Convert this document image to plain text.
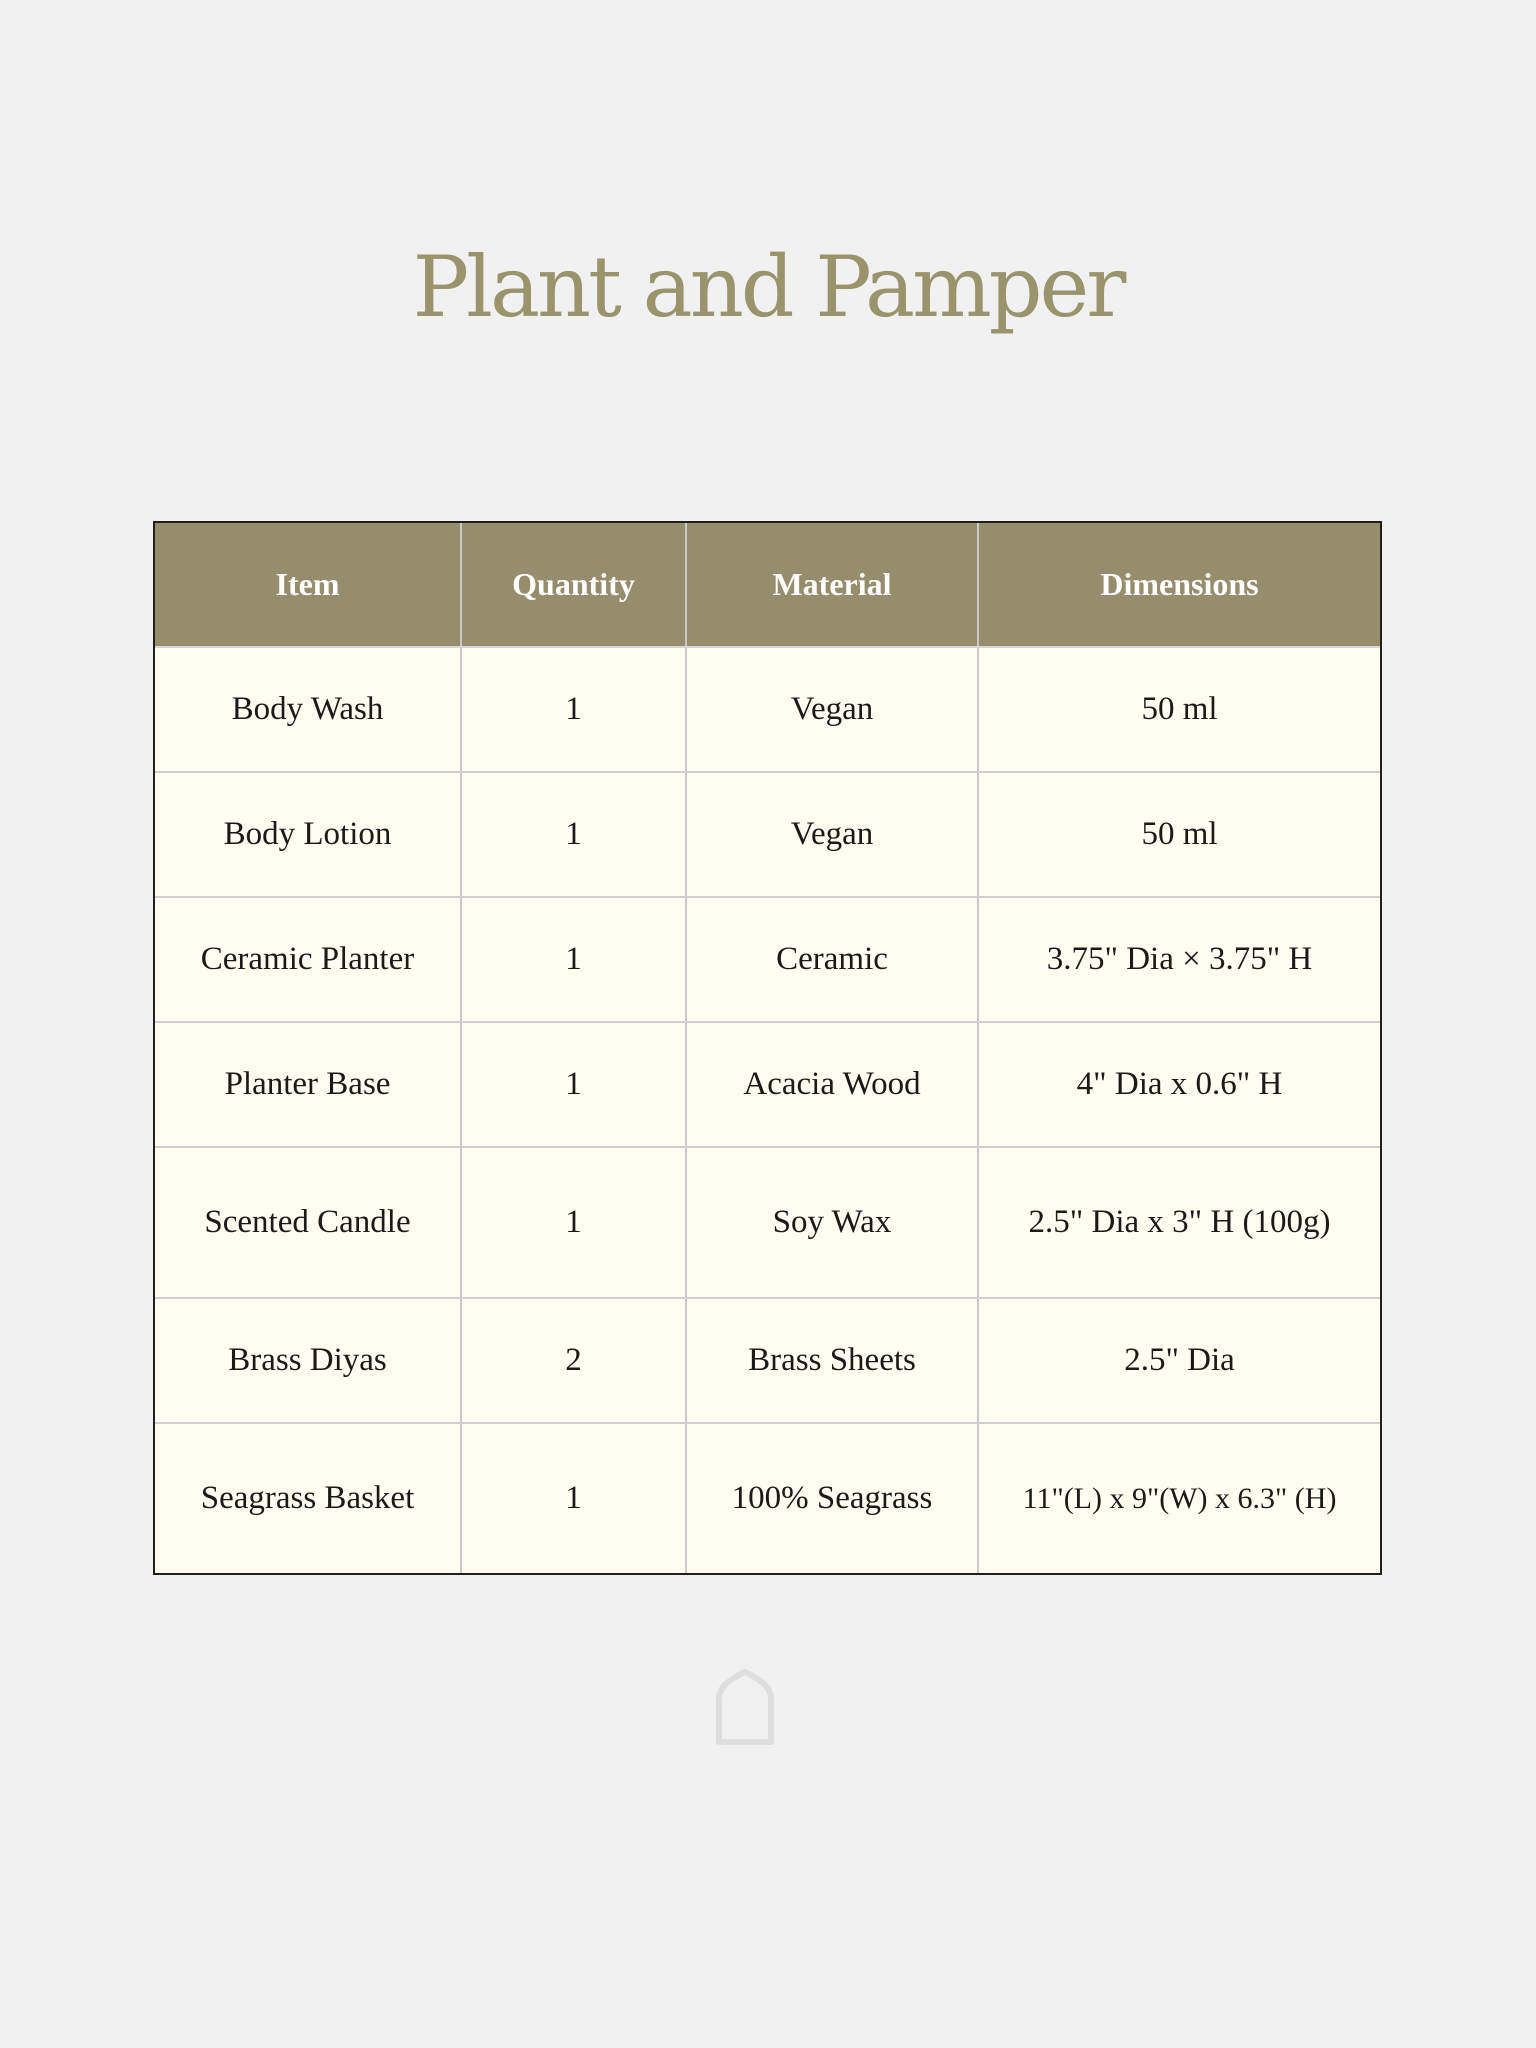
Plant and Pamper
Item	Quantity	Material	Dimensions
Body Wash	1	Vegan	50 ml
Body Lotion	1	Vegan	50 ml
Ceramic Planter	1	Ceramic	3.75" Dia × 3.75" H
Planter Base	1	Acacia Wood	4" Dia x 0.6" H
Scented Candle	1	Soy Wax	2.5" Dia x 3" H (100g)
Brass Diyas	2	Brass Sheets	2.5" Dia
Seagrass Basket	1	100% Seagrass	11"(L) x 9"(W) x 6.3" (H)
